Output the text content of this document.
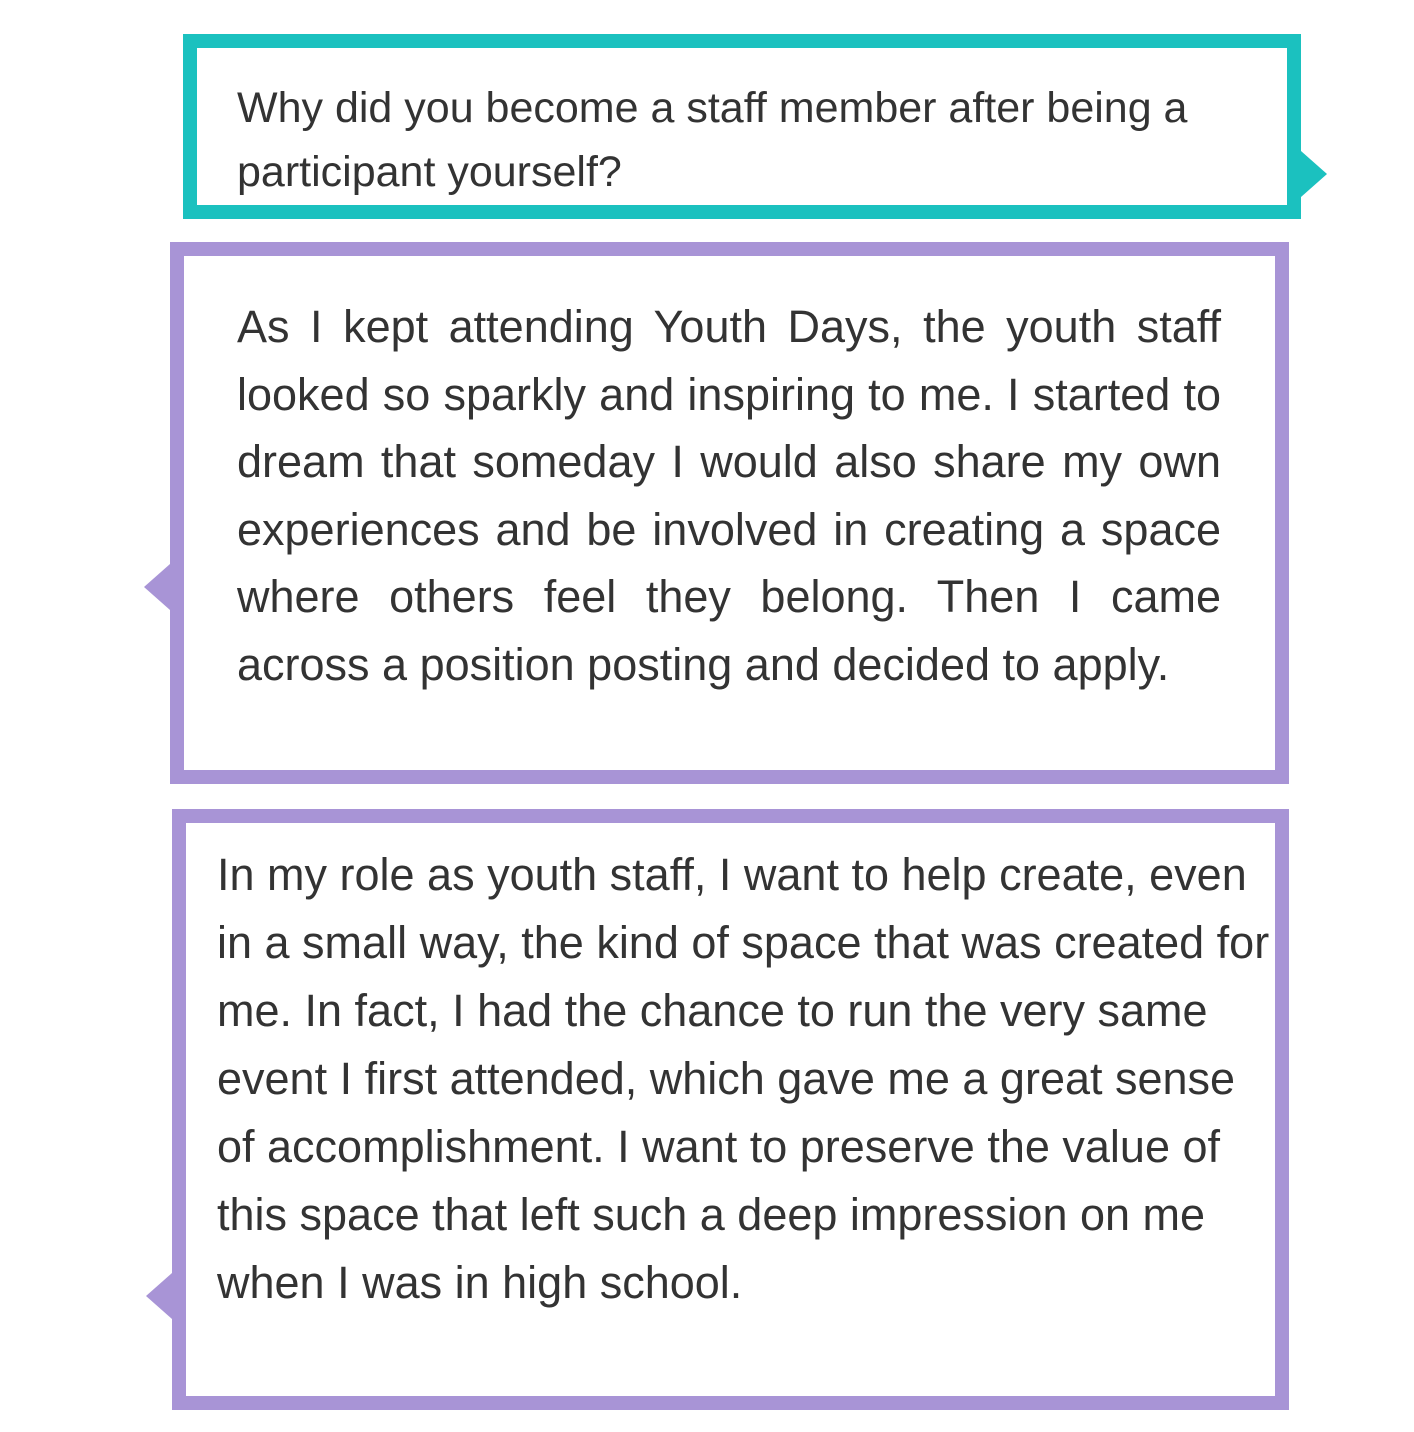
Why did you become a staff member after being a participant yourself?
As I kept attending Youth Days, the youth staff looked so sparkly and inspiring to me. I started to dream that someday I would also share my own experiences and be involved in creating a space where others feel they belong. Then I came across a position posting and decided to apply.
In my role as youth staff, I want to help create, even in a small way, the kind of space that was created for me. In fact, I had the chance to run the very same event I first attended, which gave me a great sense of accomplishment. I want to preserve the value of this space that left such a deep impression on me when I was in high school.
